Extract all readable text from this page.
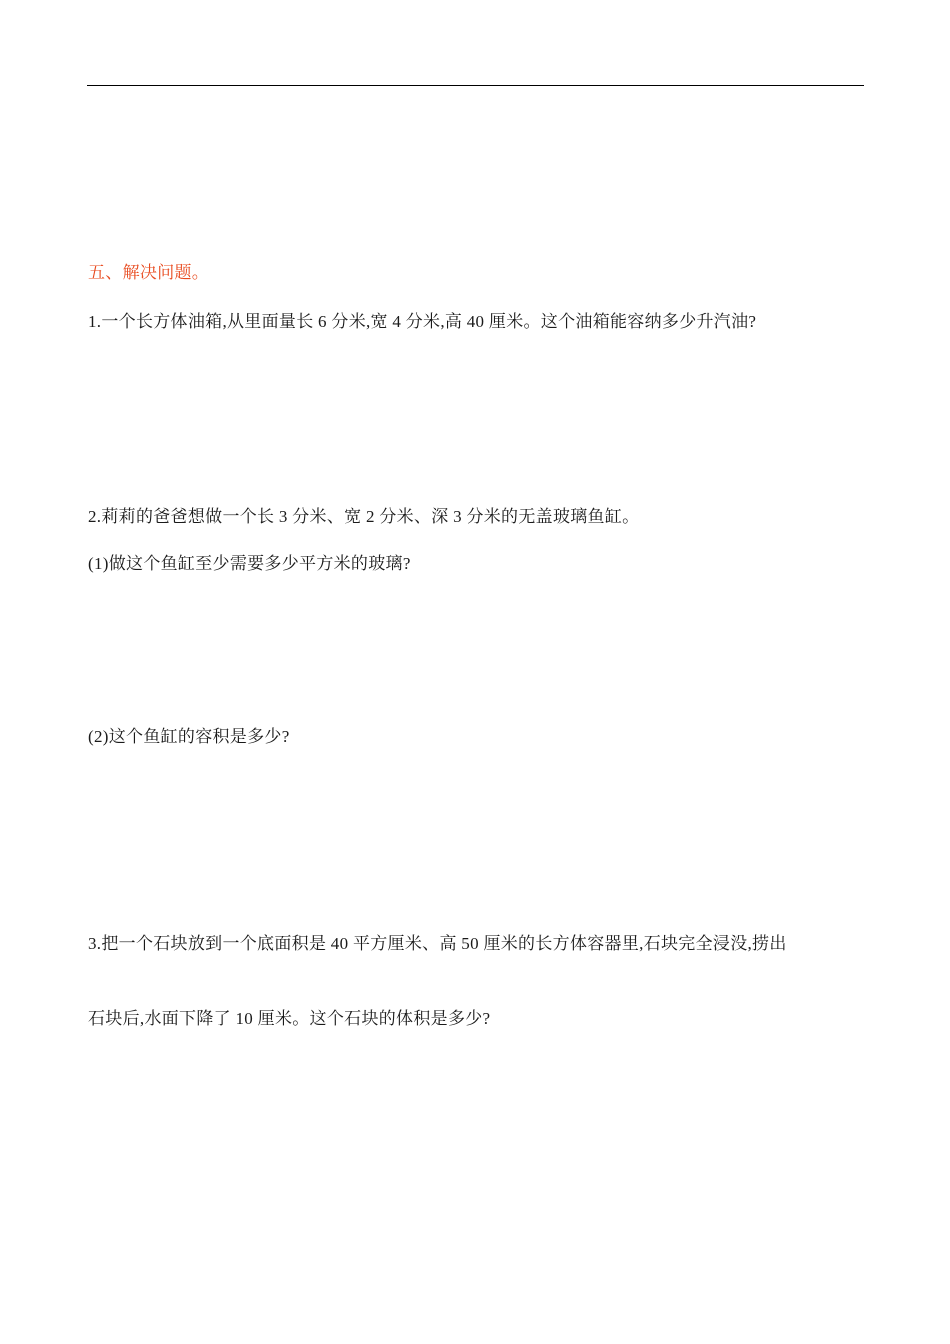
五、解决问题。
1.一个长方体油箱,从里面量长 6 分米,宽 4 分米,高 40 厘米。这个油箱能容纳多少升汽油?
2.莉莉的爸爸想做一个长 3 分米、宽 2 分米、深 3 分米的无盖玻璃鱼缸。
(1)做这个鱼缸至少需要多少平方米的玻璃?
(2)这个鱼缸的容积是多少?
3.把一个石块放到一个底面积是 40 平方厘米、高 50 厘米的长方体容器里,石块完全浸没,捞出
石块后,水面下降了 10 厘米。这个石块的体积是多少?
